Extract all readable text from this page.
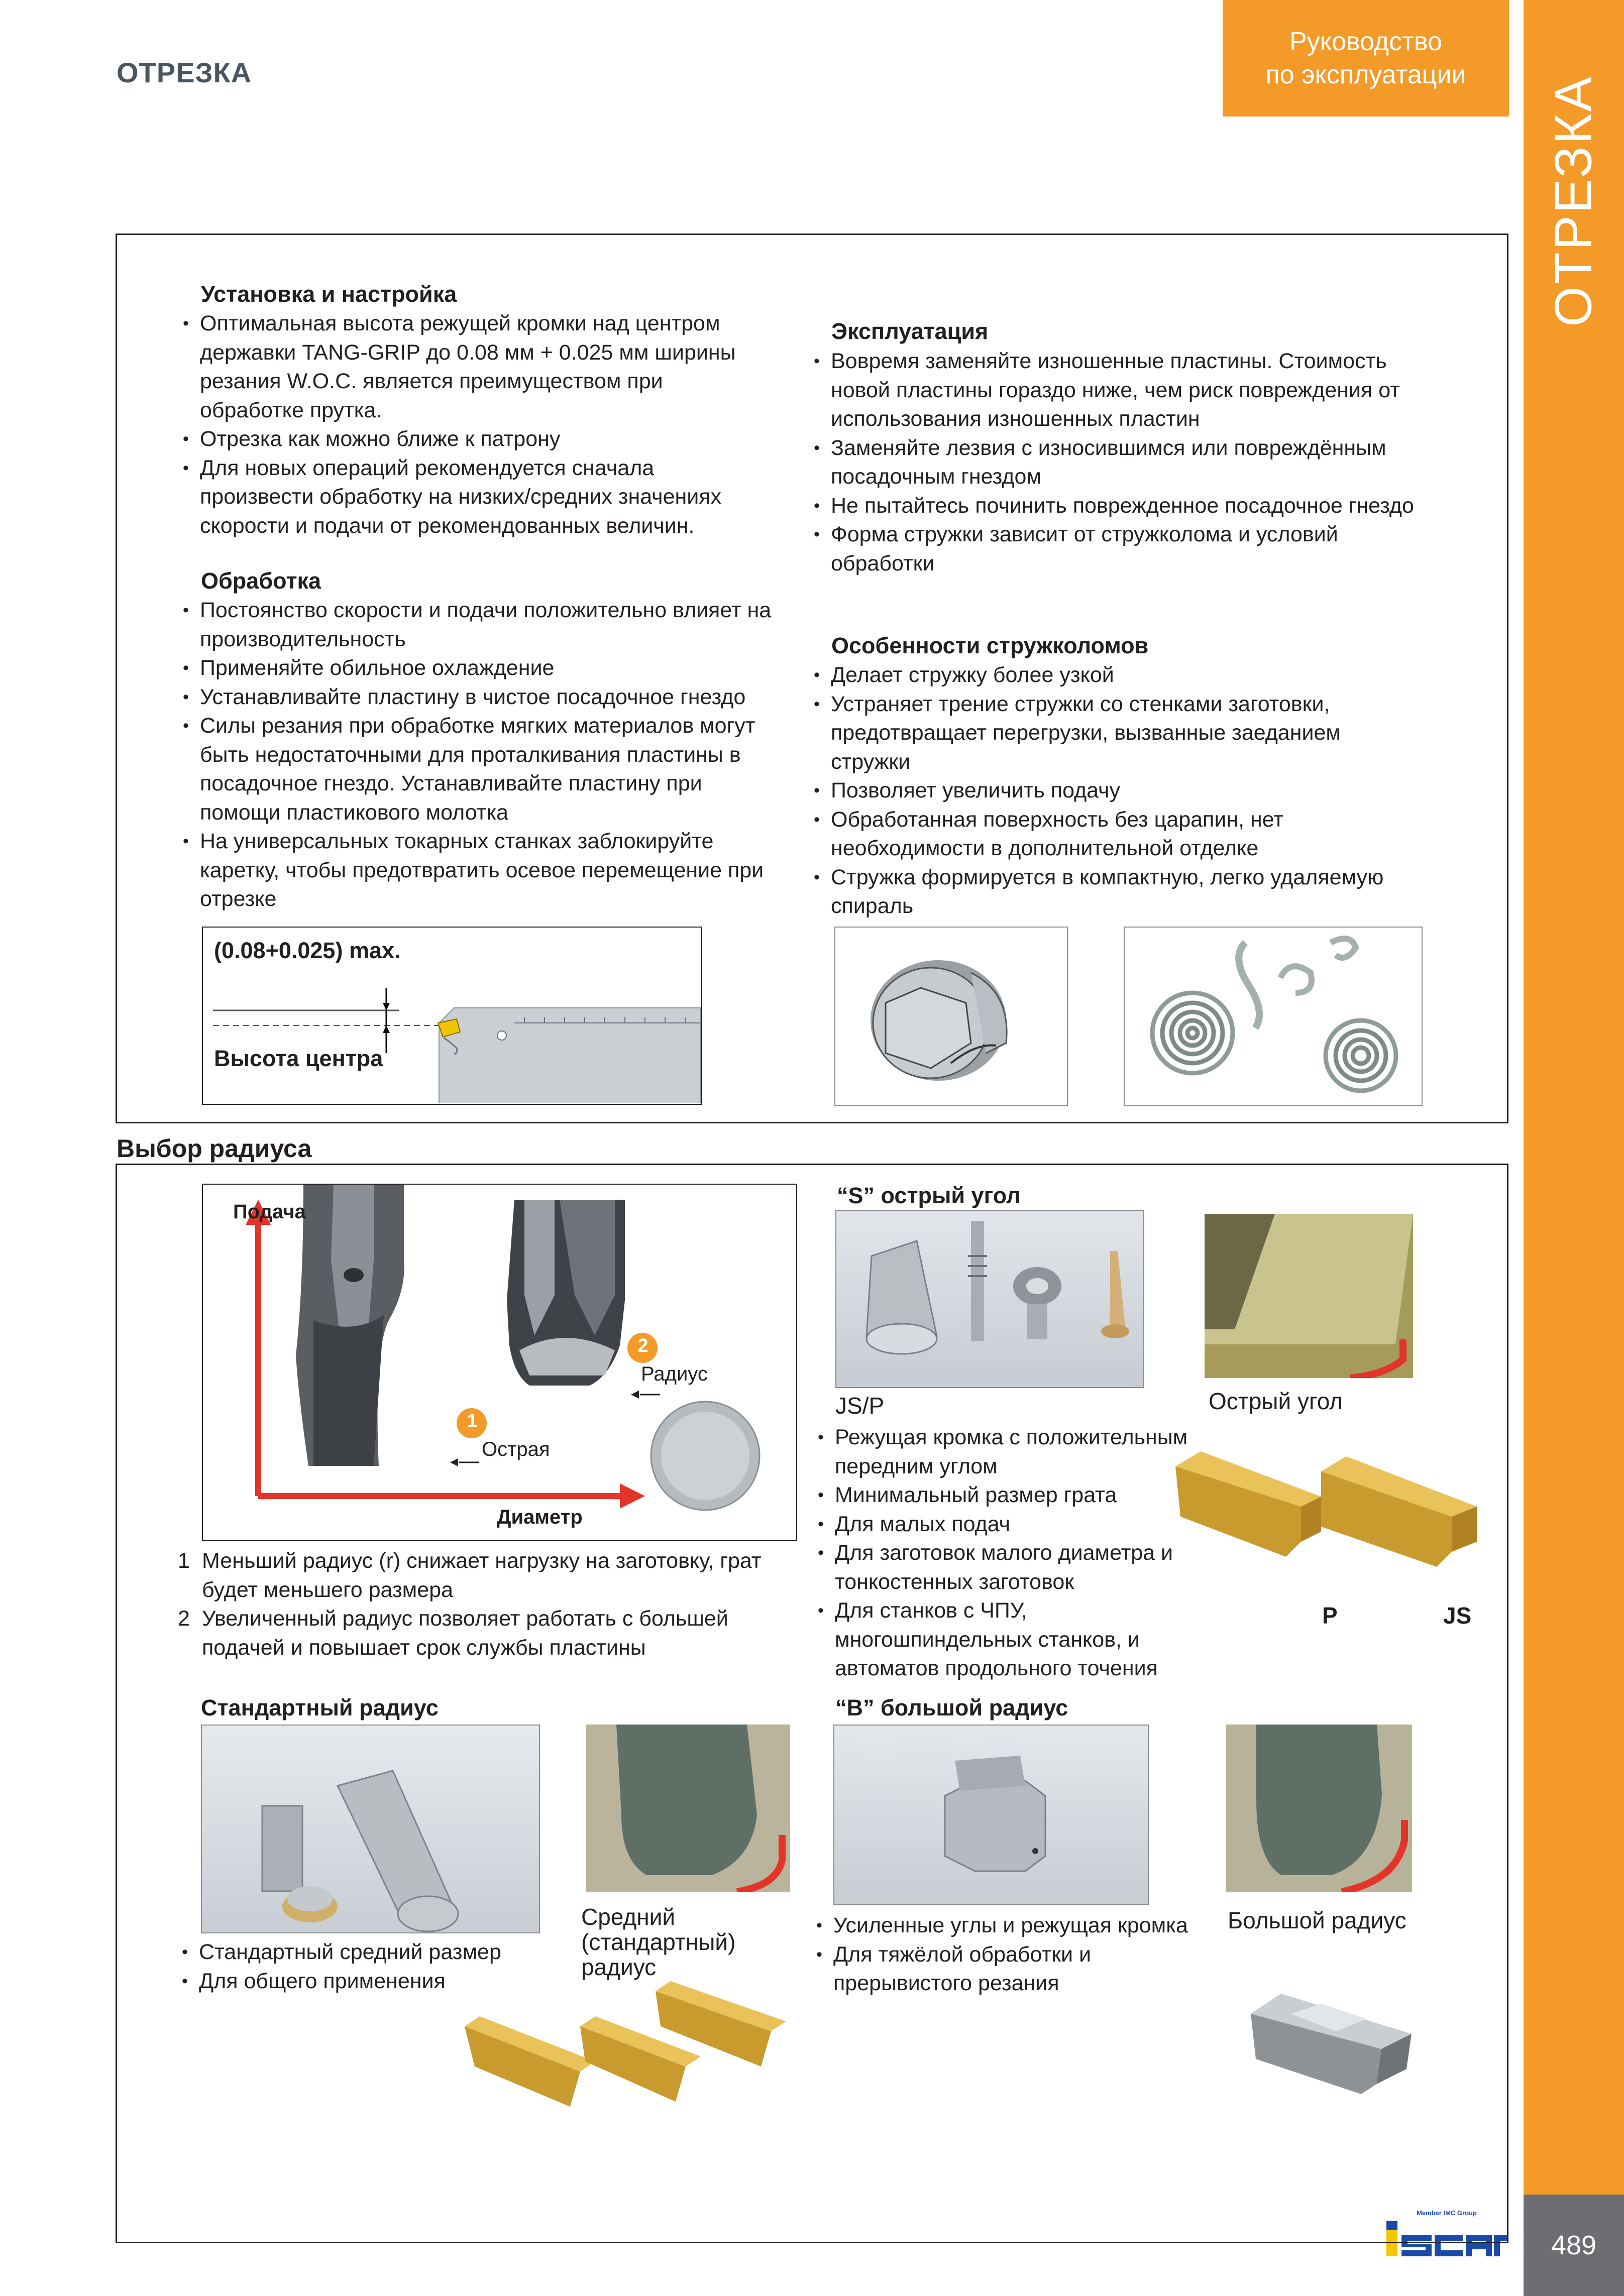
ОТРЕЗКА
Руководство
по эксплуатации
ОТРЕЗКА
489
Member IMC Group
Установка и настройка
• Оптимальная высота режущей кромки над центром державки TANG-GRIP до 0.08 мм + 0.025 мм ширины резания W.O.C. является преимуществом при обработке прутка.
• Отрезка как можно ближе к патрону
• Для новых операций рекомендуется сначала произвести обработку на низких/средних значениях скорости и подачи от рекомендованных величин.
Обработка
• Постоянство скорости и подачи положительно влияет на производительность
• Применяйте обильное охлаждение
• Устанавливайте пластину в чистое посадочное гнездо
• Силы резания при обработке мягких материалов могут быть недостаточными для проталкивания пластины в посадочное гнездо. Устанавливайте пластину при помощи пластикового молотка
• На универсальных токарных станках заблокируйте каретку, чтобы предотвратить осевое перемещение при отрезке
Эксплуатация
• Вовремя заменяйте изношенные пластины. Стоимость новой пластины гораздо ниже, чем риск повреждения от использования изношенных пластин
• Заменяйте лезвия с износившимся или повреждённым посадочным гнездом
• Не пытайтесь починить поврежденное посадочное гнездо
• Форма стружки зависит от стружколома и условий обработки
Особенности стружколомов
• Делает стружку более узкой
• Устраняет трение стружки со стенками заготовки, предотвращает перегрузки, вызванные заеданием стружки
• Позволяет увеличить подачу
• Обработанная поверхность без царапин, нет необходимости в дополнительной отделке
• Стружка формируется в компактную, легко удаляемую спираль
(0.08+0.025) max.
Высота центра
Выбор радиуса
Подача
Диаметр
2
1
Радиус
Острая
1 Меньший радиус (r) снижает нагрузку на заготовку, грат будет меньшего размера
2 Увеличенный радиус позволяет работать с большей подачей и повышает срок службы пластины
“S” острый угол
Острый угол
JS/P
• Режущая кромка с положительным передним углом
• Минимальный размер грата
• Для малых подач
• Для заготовок малого диаметра и тонкостенных заготовок
• Для станков с ЧПУ, многошпиндельных станков, и автоматов продольного точения
P	JS
Стандартный радиус
Средний (стандартный) радиус
• Стандартный средний размер
• Для общего применения
“B” большой радиус
Большой радиус
• Усиленные углы и режущая кромка
• Для тяжёлой обработки и прерывистого резания
